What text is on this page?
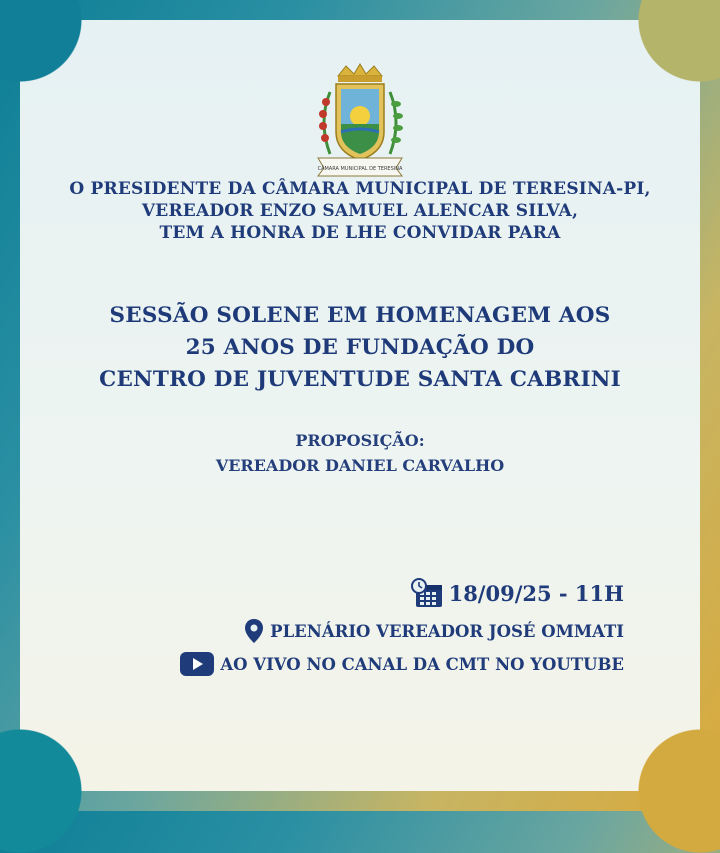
CÂMARA MUNICIPAL DE TERESINA
O PRESIDENTE DA CÂMARA MUNICIPAL DE TERESINA-PI,
VEREADOR ENZO SAMUEL ALENCAR SILVA,
TEM A HONRA DE LHE CONVIDAR PARA
SESSÃO SOLENE EM HOMENAGEM AOS
25 ANOS DE FUNDAÇÃO DO
CENTRO DE JUVENTUDE SANTA CABRINI
PROPOSIÇÃO:
VEREADOR DANIEL CARVALHO
18/09/25 - 11H
PLENÁRIO VEREADOR JOSÉ OMMATI
AO VIVO NO CANAL DA CMT NO YOUTUBE
